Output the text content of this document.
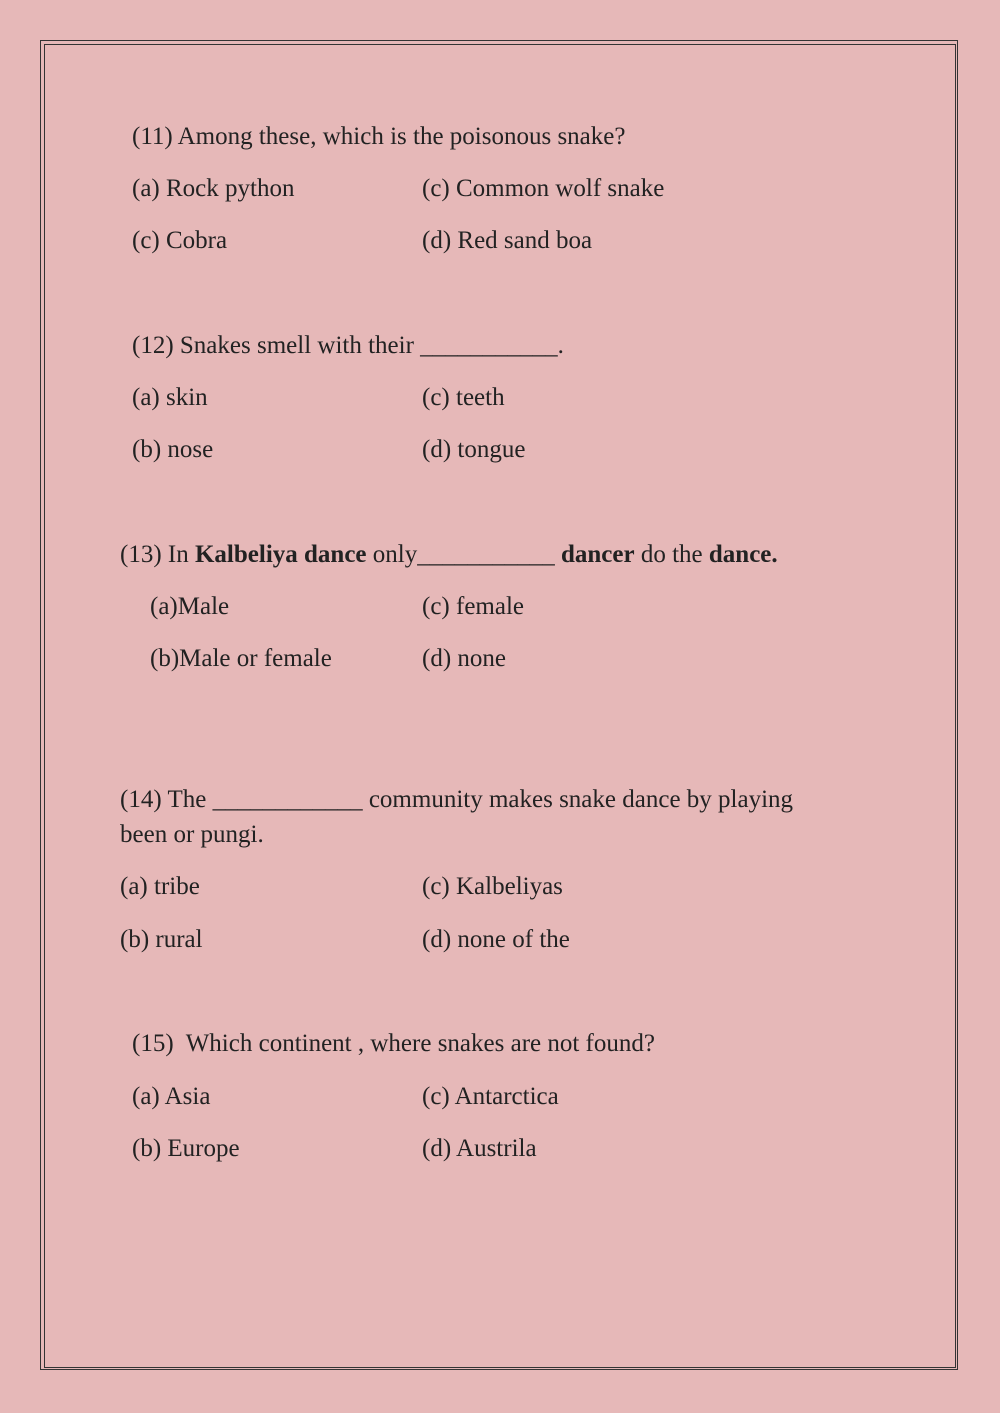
(11) Among these, which is the poisonous snake?
(a) Rock python	(c) Common wolf snake
(c) Cobra	(d) Red sand boa
(12) Snakes smell with their ___________.
(a) skin	(c) teeth
(b) nose	(d) tongue
(13) In Kalbeliya dance only___________ dancer do the dance.
(a)Male	(c) female
(b)Male or female	(d) none
(14) The ____________ community makes snake dance by playing
been or pungi.
(a) tribe	(c) Kalbeliyas
(b) rural	(d) none of the
(15)  Which continent , where snakes are not found?
(a) Asia	(c) Antarctica
(b) Europe	(d) Austrila
